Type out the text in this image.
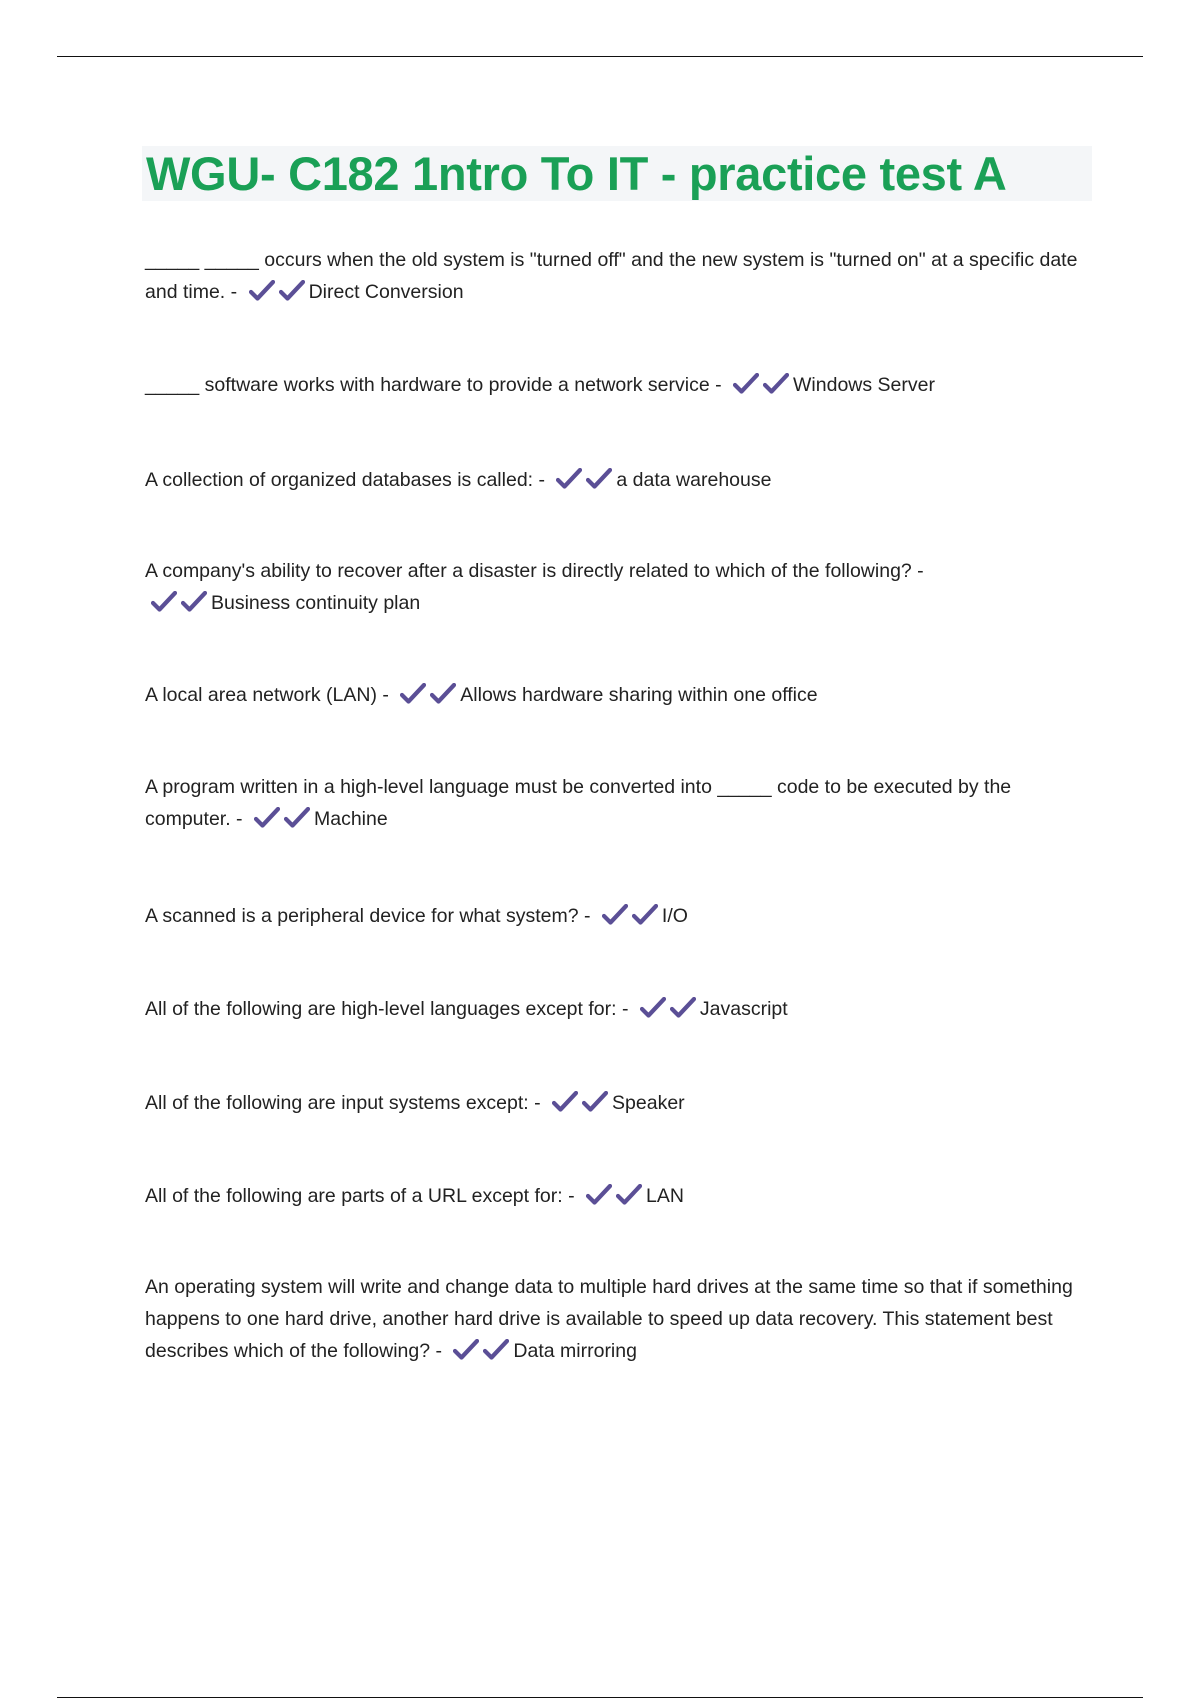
WGU- C182 1ntro To IT - practice test A

_____ _____ occurs when the old system is "turned off" and the new system is "turned on" at a specific date and time. -	Direct Conversion

_____ software works with hardware to provide a network service -	Windows Server

A collection of organized databases is called: -	a data warehouse

A company's ability to recover after a disaster is directly related to which of the following? -
Business continuity plan

A local area network (LAN) -	Allows hardware sharing within one office

A program written in a high-level language must be converted into _____ code to be executed by the computer. -	Machine

A scanned is a peripheral device for what system? -	I/O

All of the following are high-level languages except for: -	Javascript

All of the following are input systems except: -	Speaker

All of the following are parts of a URL except for: -	LAN

An operating system will write and change data to multiple hard drives at the same time so that if something happens to one hard drive, another hard drive is available to speed up data recovery. This statement best describes which of the following? -	Data mirroring
